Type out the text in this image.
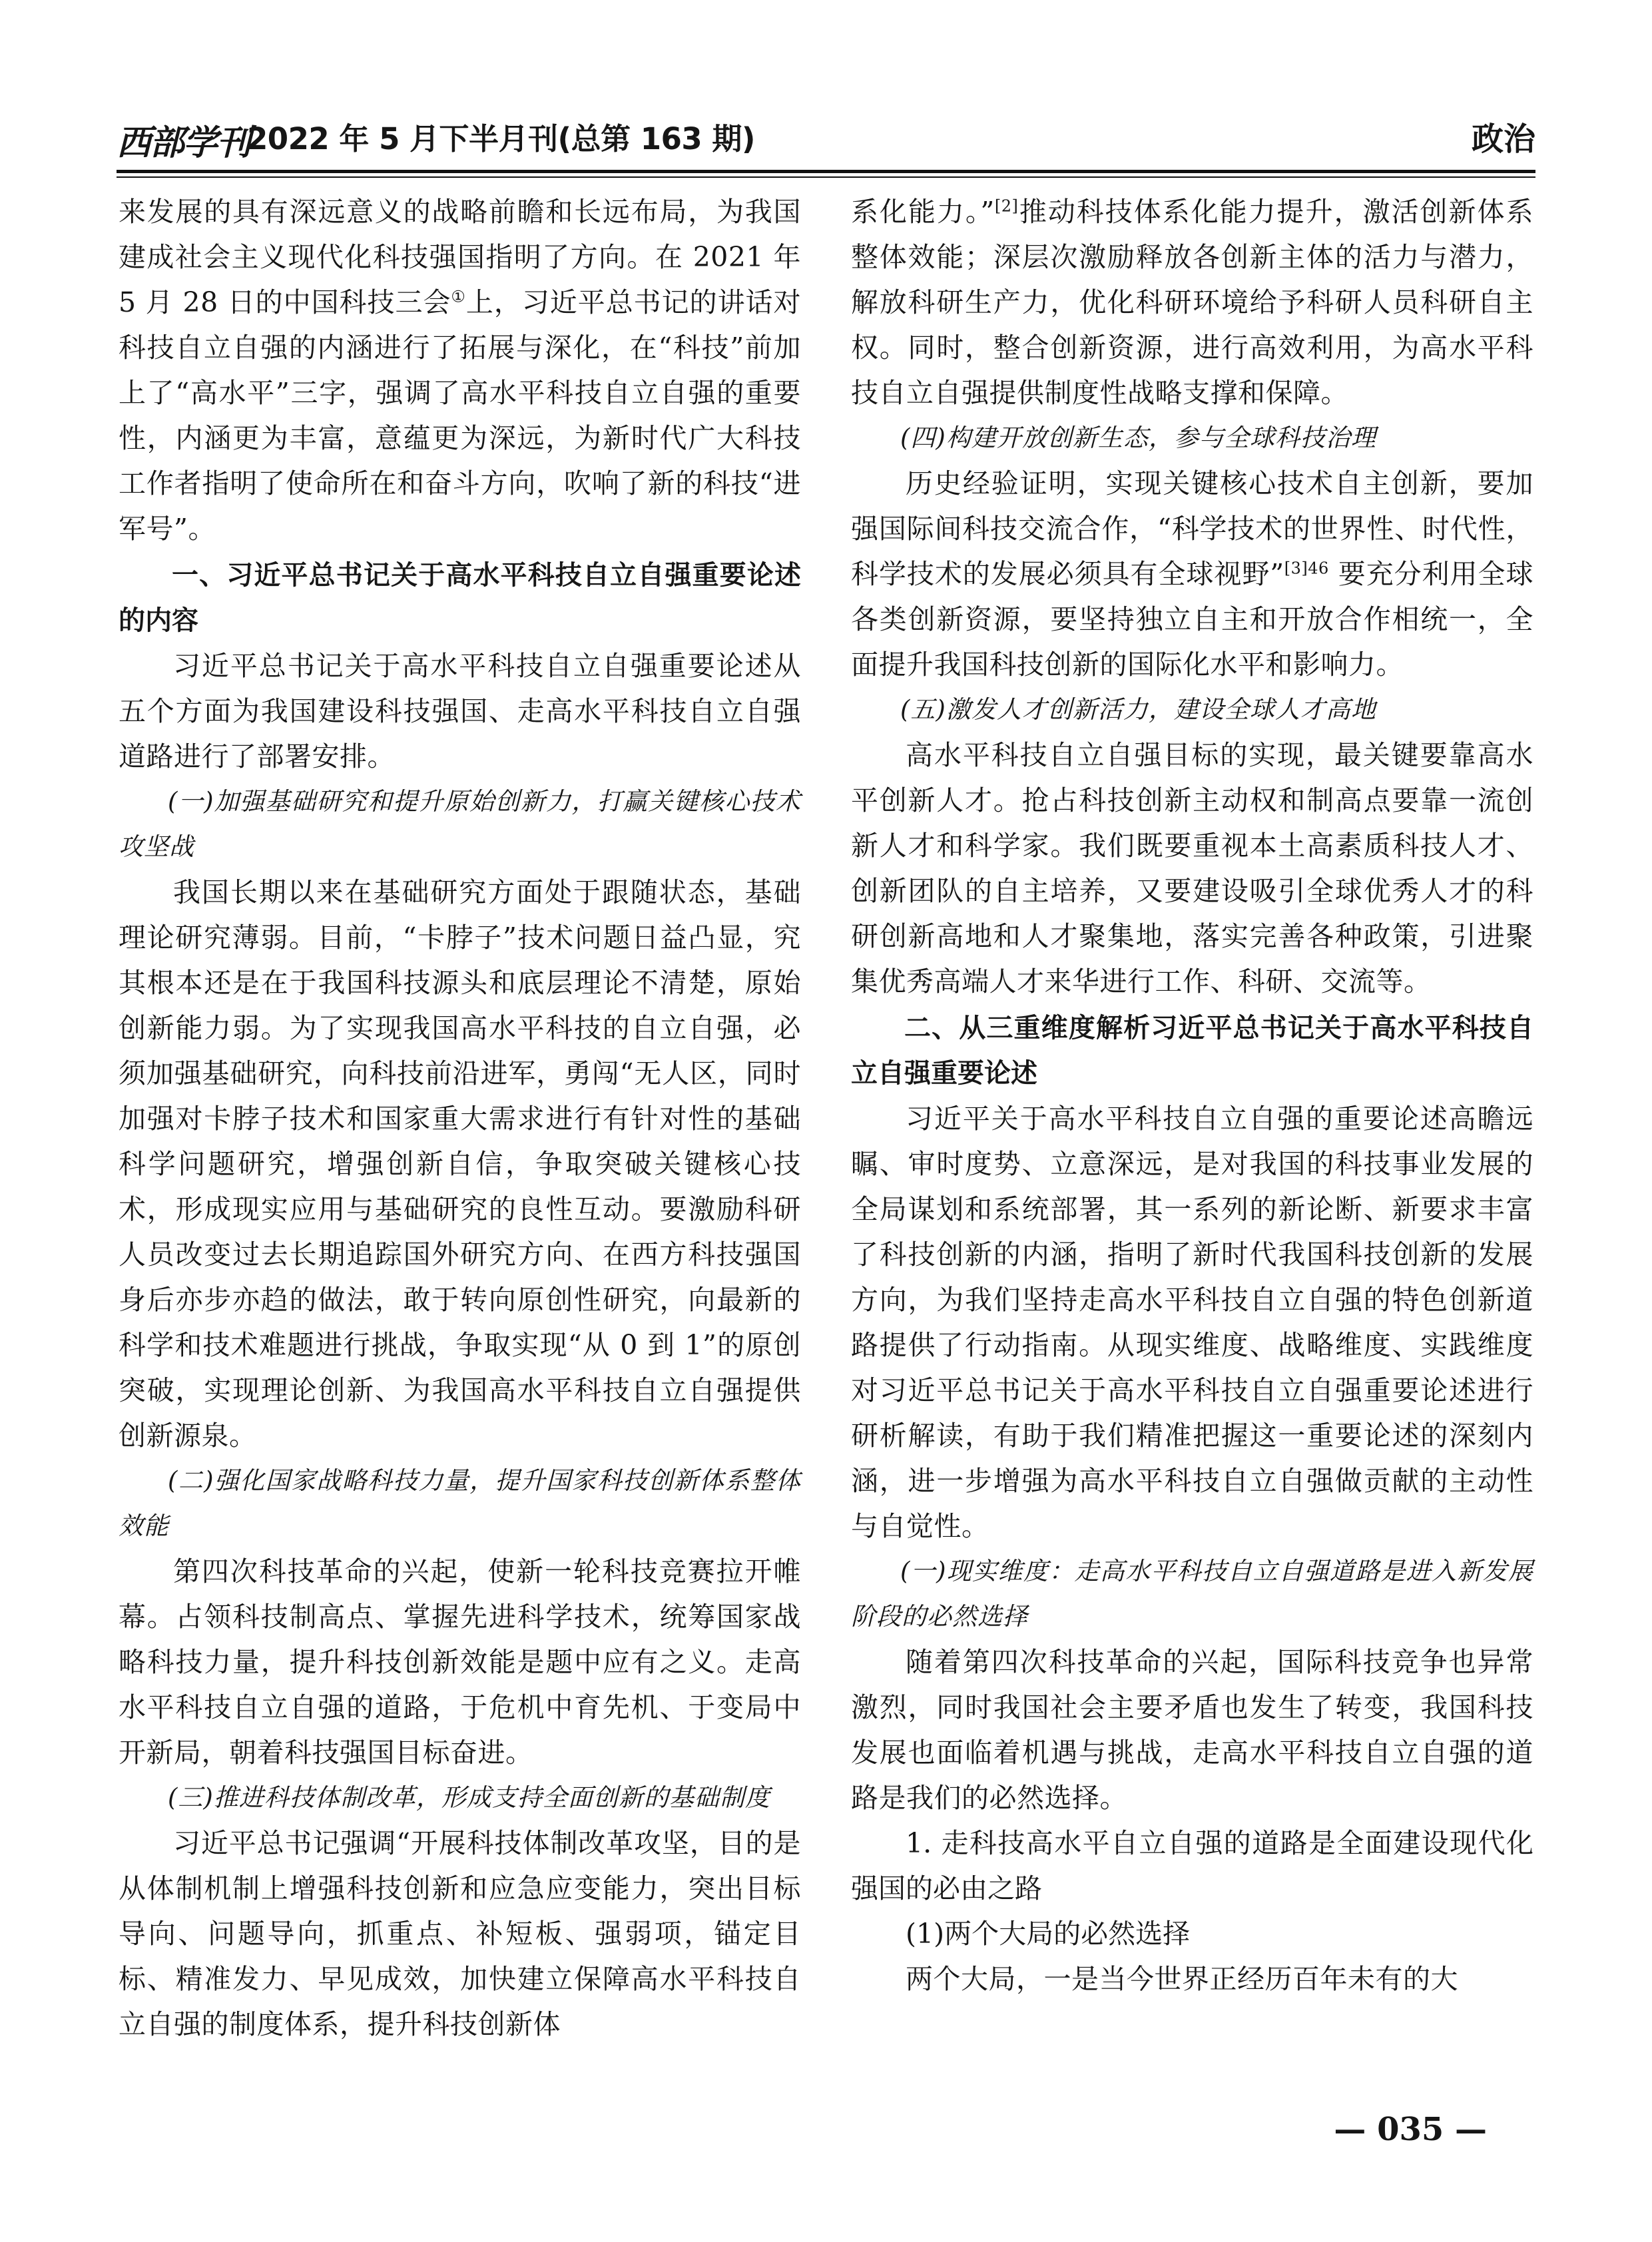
西部学刊
2022 年 5 月下半月刊(总第 163 期)	政治

来发展的具有深远意义的战略前瞻和长远布局，为我国建成社会主义现代化科技强国指明了方向。在 2021 年 5 月 28 日的中国科技三会①上，习近平总书记的讲话对科技自立自强的内涵进行了拓展与深化，在“科技”前加上了“高水平”三字，强调了高水平科技自立自强的重要性，内涵更为丰富，意蕴更为深远，为新时代广大科技工作者指明了使命所在和奋斗方向，吹响了新的科技“进军号”。

一、习近平总书记关于高水平科技自立自强重要论述的内容

习近平总书记关于高水平科技自立自强重要论述从五个方面为我国建设科技强国、走高水平科技自立自强道路进行了部署安排。

(一)加强基础研究和提升原始创新力，打赢关键核心技术攻坚战

我国长期以来在基础研究方面处于跟随状态，基础理论研究薄弱。目前，“卡脖子”技术问题日益凸显，究其根本还是在于我国科技源头和底层理论不清楚，原始创新能力弱。为了实现我国高水平科技的自立自强，必须加强基础研究，向科技前沿进军，勇闯“无人区，同时加强对卡脖子技术和国家重大需求进行有针对性的基础科学问题研究，增强创新自信，争取突破关键核心技术，形成现实应用与基础研究的良性互动。要激励科研人员改变过去长期追踪国外研究方向、在西方科技强国身后亦步亦趋的做法，敢于转向原创性研究，向最新的科学和技术难题进行挑战，争取实现“从 0 到 1”的原创突破，实现理论创新、为我国高水平科技自立自强提供创新源泉。

(二)强化国家战略科技力量，提升国家科技创新体系整体效能

第四次科技革命的兴起，使新一轮科技竞赛拉开帷幕。占领科技制高点、掌握先进科学技术，统筹国家战略科技力量，提升科技创新效能是题中应有之义。走高水平科技自立自强的道路，于危机中育先机、于变局中开新局，朝着科技强国目标奋进。

(三)推进科技体制改革，形成支持全面创新的基础制度

习近平总书记强调“开展科技体制改革攻坚，目的是从体制机制上增强科技创新和应急应变能力，突出目标导向、问题导向，抓重点、补短板、强弱项，锚定目标、精准发力、早见成效，加快建立保障高水平科技自立自强的制度体系，提升科技创新体

系化能力。”[2]推动科技体系化能力提升，激活创新体系整体效能；深层次激励释放各创新主体的活力与潜力，解放科研生产力，优化科研环境给予科研人员科研自主权。同时，整合创新资源，进行高效利用，为高水平科技自立自强提供制度性战略支撑和保障。

(四)构建开放创新生态，参与全球科技治理

历史经验证明，实现关键核心技术自主创新，要加强国际间科技交流合作，“科学技术的世界性、时代性，科学技术的发展必须具有全球视野”$^{[3]46}$ 要充分利用全球各类创新资源，要坚持独立自主和开放合作相统一，全面提升我国科技创新的国际化水平和影响力。

(五)激发人才创新活力，建设全球人才高地

高水平科技自立自强目标的实现，最关键要靠高水平创新人才。抢占科技创新主动权和制高点要靠一流创新人才和科学家。我们既要重视本土高素质科技人才、创新团队的自主培养，又要建设吸引全球优秀人才的科研创新高地和人才聚集地，落实完善各种政策，引进聚集优秀高端人才来华进行工作、科研、交流等。

二、从三重维度解析习近平总书记关于高水平科技自立自强重要论述

习近平关于高水平科技自立自强的重要论述高瞻远瞩、审时度势、立意深远，是对我国的科技事业发展的全局谋划和系统部署，其一系列的新论断、新要求丰富了科技创新的内涵，指明了新时代我国科技创新的发展方向，为我们坚持走高水平科技自立自强的特色创新道路提供了行动指南。从现实维度、战略维度、实践维度对习近平总书记关于高水平科技自立自强重要论述进行研析解读，有助于我们精准把握这一重要论述的深刻内涵，进一步增强为高水平科技自立自强做贡献的主动性与自觉性。

(一)现实维度：走高水平科技自立自强道路是进入新发展阶段的必然选择

随着第四次科技革命的兴起，国际科技竞争也异常激烈，同时我国社会主要矛盾也发生了转变，我国科技发展也面临着机遇与挑战，走高水平科技自立自强的道路是我们的必然选择。

1. 走科技高水平自立自强的道路是全面建设现代化强国的必由之路

(1)两个大局的必然选择

两个大局，一是当今世界正经历百年未有的大

— 035 —
